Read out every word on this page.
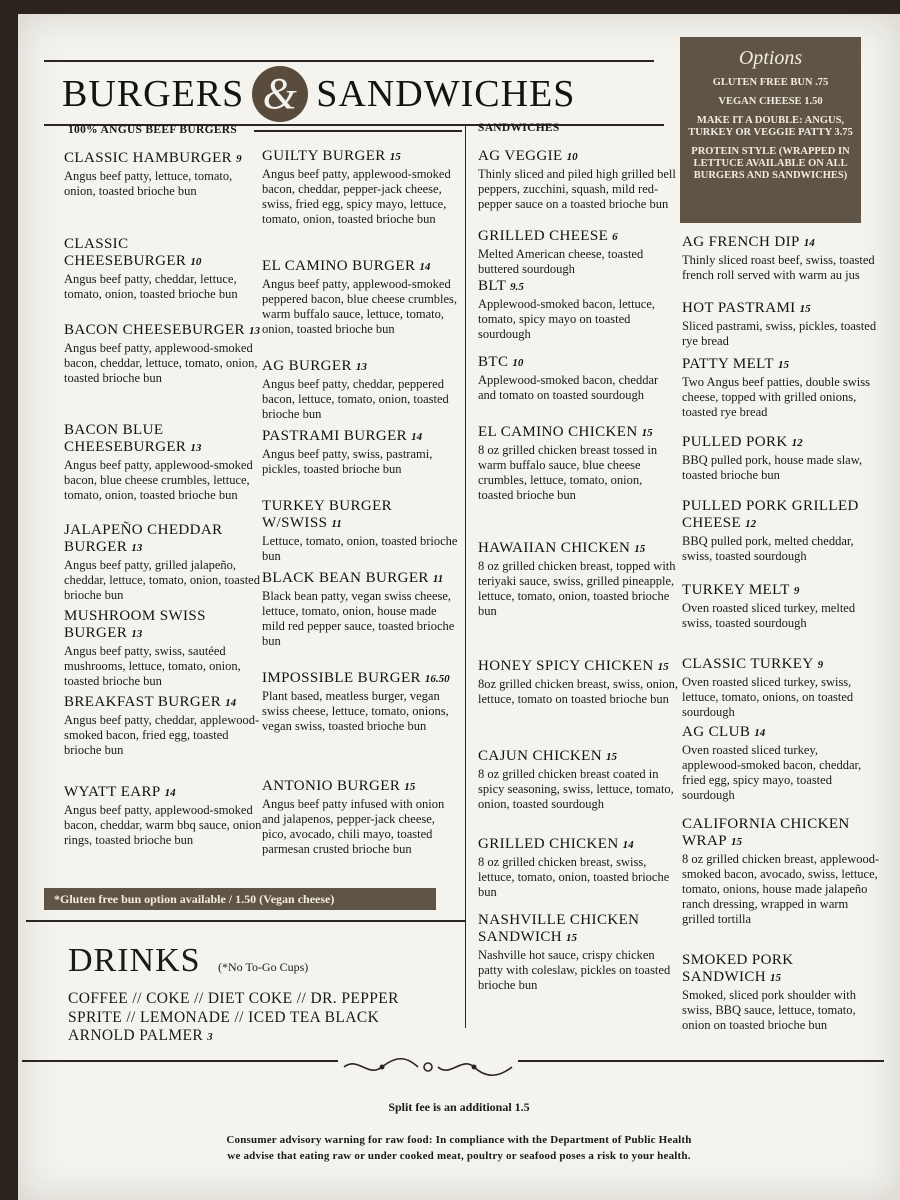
BURGERS & SANDWICHES
Options
GLUTEN FREE BUN .75
VEGAN CHEESE 1.50
MAKE IT A DOUBLE: ANGUS, TURKEY OR VEGGIE PATTY 3.75
PROTEIN STYLE (WRAPPED IN LETTUCE AVAILABLE ON ALL BURGERS AND SANDWICHES)
100% ANGUS BEEF BURGERS	SANDWICHES
CLASSIC HAMBURGER 9
Angus beef patty, lettuce, tomato, onion, toasted brioche bun
CLASSIC CHEESEBURGER 10
Angus beef patty, cheddar, lettuce, tomato, onion, toasted brioche bun
BACON CHEESEBURGER 13
Angus beef patty, applewood-smoked bacon, cheddar, lettuce, tomato, onion, toasted brioche bun
BACON BLUE CHEESEBURGER 13
Angus beef patty, applewood-smoked bacon, blue cheese crumbles, lettuce, tomato, onion, toasted brioche bun
JALAPEÑO CHEDDAR BURGER 13
Angus beef patty, grilled jalapeño, cheddar, lettuce, tomato, onion, toasted brioche bun
MUSHROOM SWISS BURGER 13
Angus beef patty, swiss, sautéed mushrooms, lettuce, tomato, onion, toasted brioche bun
BREAKFAST BURGER 14
Angus beef patty, cheddar, applewood-smoked bacon, fried egg, toasted brioche bun
WYATT EARP 14
Angus beef patty, applewood-smoked bacon, cheddar, warm bbq sauce, onion rings, toasted brioche bun
GUILTY BURGER 15
Angus beef patty, applewood-smoked bacon, cheddar, pepper-jack cheese, swiss, fried egg, spicy mayo, lettuce, tomato, onion, toasted brioche bun
EL CAMINO BURGER 14
Angus beef patty, applewood-smoked peppered bacon, blue cheese crumbles, warm buffalo sauce, lettuce, tomato, onion, toasted brioche bun
AG BURGER 13
Angus beef patty, cheddar, peppered bacon, lettuce, tomato, onion, toasted brioche bun
PASTRAMI BURGER 14
Angus beef patty, swiss, pastrami, pickles, toasted brioche bun
TURKEY BURGER W/SWISS 11
Lettuce, tomato, onion, toasted brioche bun
BLACK BEAN BURGER 11
Black bean patty, vegan swiss cheese, lettuce, tomato, onion, house made mild red pepper sauce, toasted brioche bun
IMPOSSIBLE BURGER 16.50
Plant based, meatless burger, vegan swiss cheese, lettuce, tomato, onions, vegan swiss, toasted brioche bun
ANTONIO BURGER 15
Angus beef patty infused with onion and jalapenos, pepper-jack cheese, pico, avocado, chili mayo, toasted parmesan crusted brioche bun
AG VEGGIE 10
Thinly sliced and piled high grilled bell peppers, zucchini, squash, mild red-pepper sauce on a toasted brioche bun
GRILLED CHEESE 6
Melted American cheese, toasted buttered sourdough
BLT 9.5
Applewood-smoked bacon, lettuce, tomato, spicy mayo on toasted sourdough
BTC 10
Applewood-smoked bacon, cheddar and tomato on toasted sourdough
EL CAMINO CHICKEN 15
8 oz grilled chicken breast tossed in warm buffalo sauce, blue cheese crumbles, lettuce, tomato, onion, toasted brioche bun
HAWAIIAN CHICKEN 15
8 oz grilled chicken breast, topped with teriyaki sauce, swiss, grilled pineapple, lettuce, tomato, onion, toasted brioche bun
HONEY SPICY CHICKEN 15
8oz grilled chicken breast, swiss, onion, lettuce, tomato on toasted brioche bun
CAJUN CHICKEN 15
8 oz grilled chicken breast coated in spicy seasoning, swiss, lettuce, tomato, onion, toasted sourdough
GRILLED CHICKEN 14
8 oz grilled chicken breast, swiss, lettuce, tomato, onion, toasted brioche bun
NASHVILLE CHICKEN SANDWICH 15
Nashville hot sauce, crispy chicken patty with coleslaw, pickles on toasted brioche bun
AG FRENCH DIP 14
Thinly sliced roast beef, swiss, toasted french roll served with warm au jus
HOT PASTRAMI 15
Sliced pastrami, swiss, pickles, toasted rye bread
PATTY MELT 15
Two Angus beef patties, double swiss cheese, topped with grilled onions, toasted rye bread
PULLED PORK 12
BBQ pulled pork, house made slaw, toasted brioche bun
PULLED PORK GRILLED CHEESE 12
BBQ pulled pork, melted cheddar, swiss, toasted sourdough
TURKEY MELT 9
Oven roasted sliced turkey, melted swiss, toasted sourdough
CLASSIC TURKEY 9
Oven roasted sliced turkey, swiss, lettuce, tomato, onions, on toasted sourdough
AG CLUB 14
Oven roasted sliced turkey, applewood-smoked bacon, cheddar, fried egg, spicy mayo, toasted sourdough
CALIFORNIA CHICKEN WRAP 15
8 oz grilled chicken breast, applewood-smoked bacon, avocado, swiss, lettuce, tomato, onions, house made jalapeño ranch dressing, wrapped in warm grilled tortilla
SMOKED PORK SANDWICH 15
Smoked, sliced pork shoulder with swiss, BBQ sauce, lettuce, tomato, onion on toasted brioche bun
*Gluten free bun option available / 1.50 (Vegan cheese)
DRINKS (*No To-Go Cups)
COFFEE // COKE // DIET COKE // DR. PEPPER
SPRITE // LEMONADE // ICED TEA BLACK
ARNOLD PALMER 3
Split fee is an additional 1.5
Consumer advisory warning for raw food: In compliance with the Department of Public Health
we advise that eating raw or under cooked meat, poultry or seafood poses a risk to your health.
